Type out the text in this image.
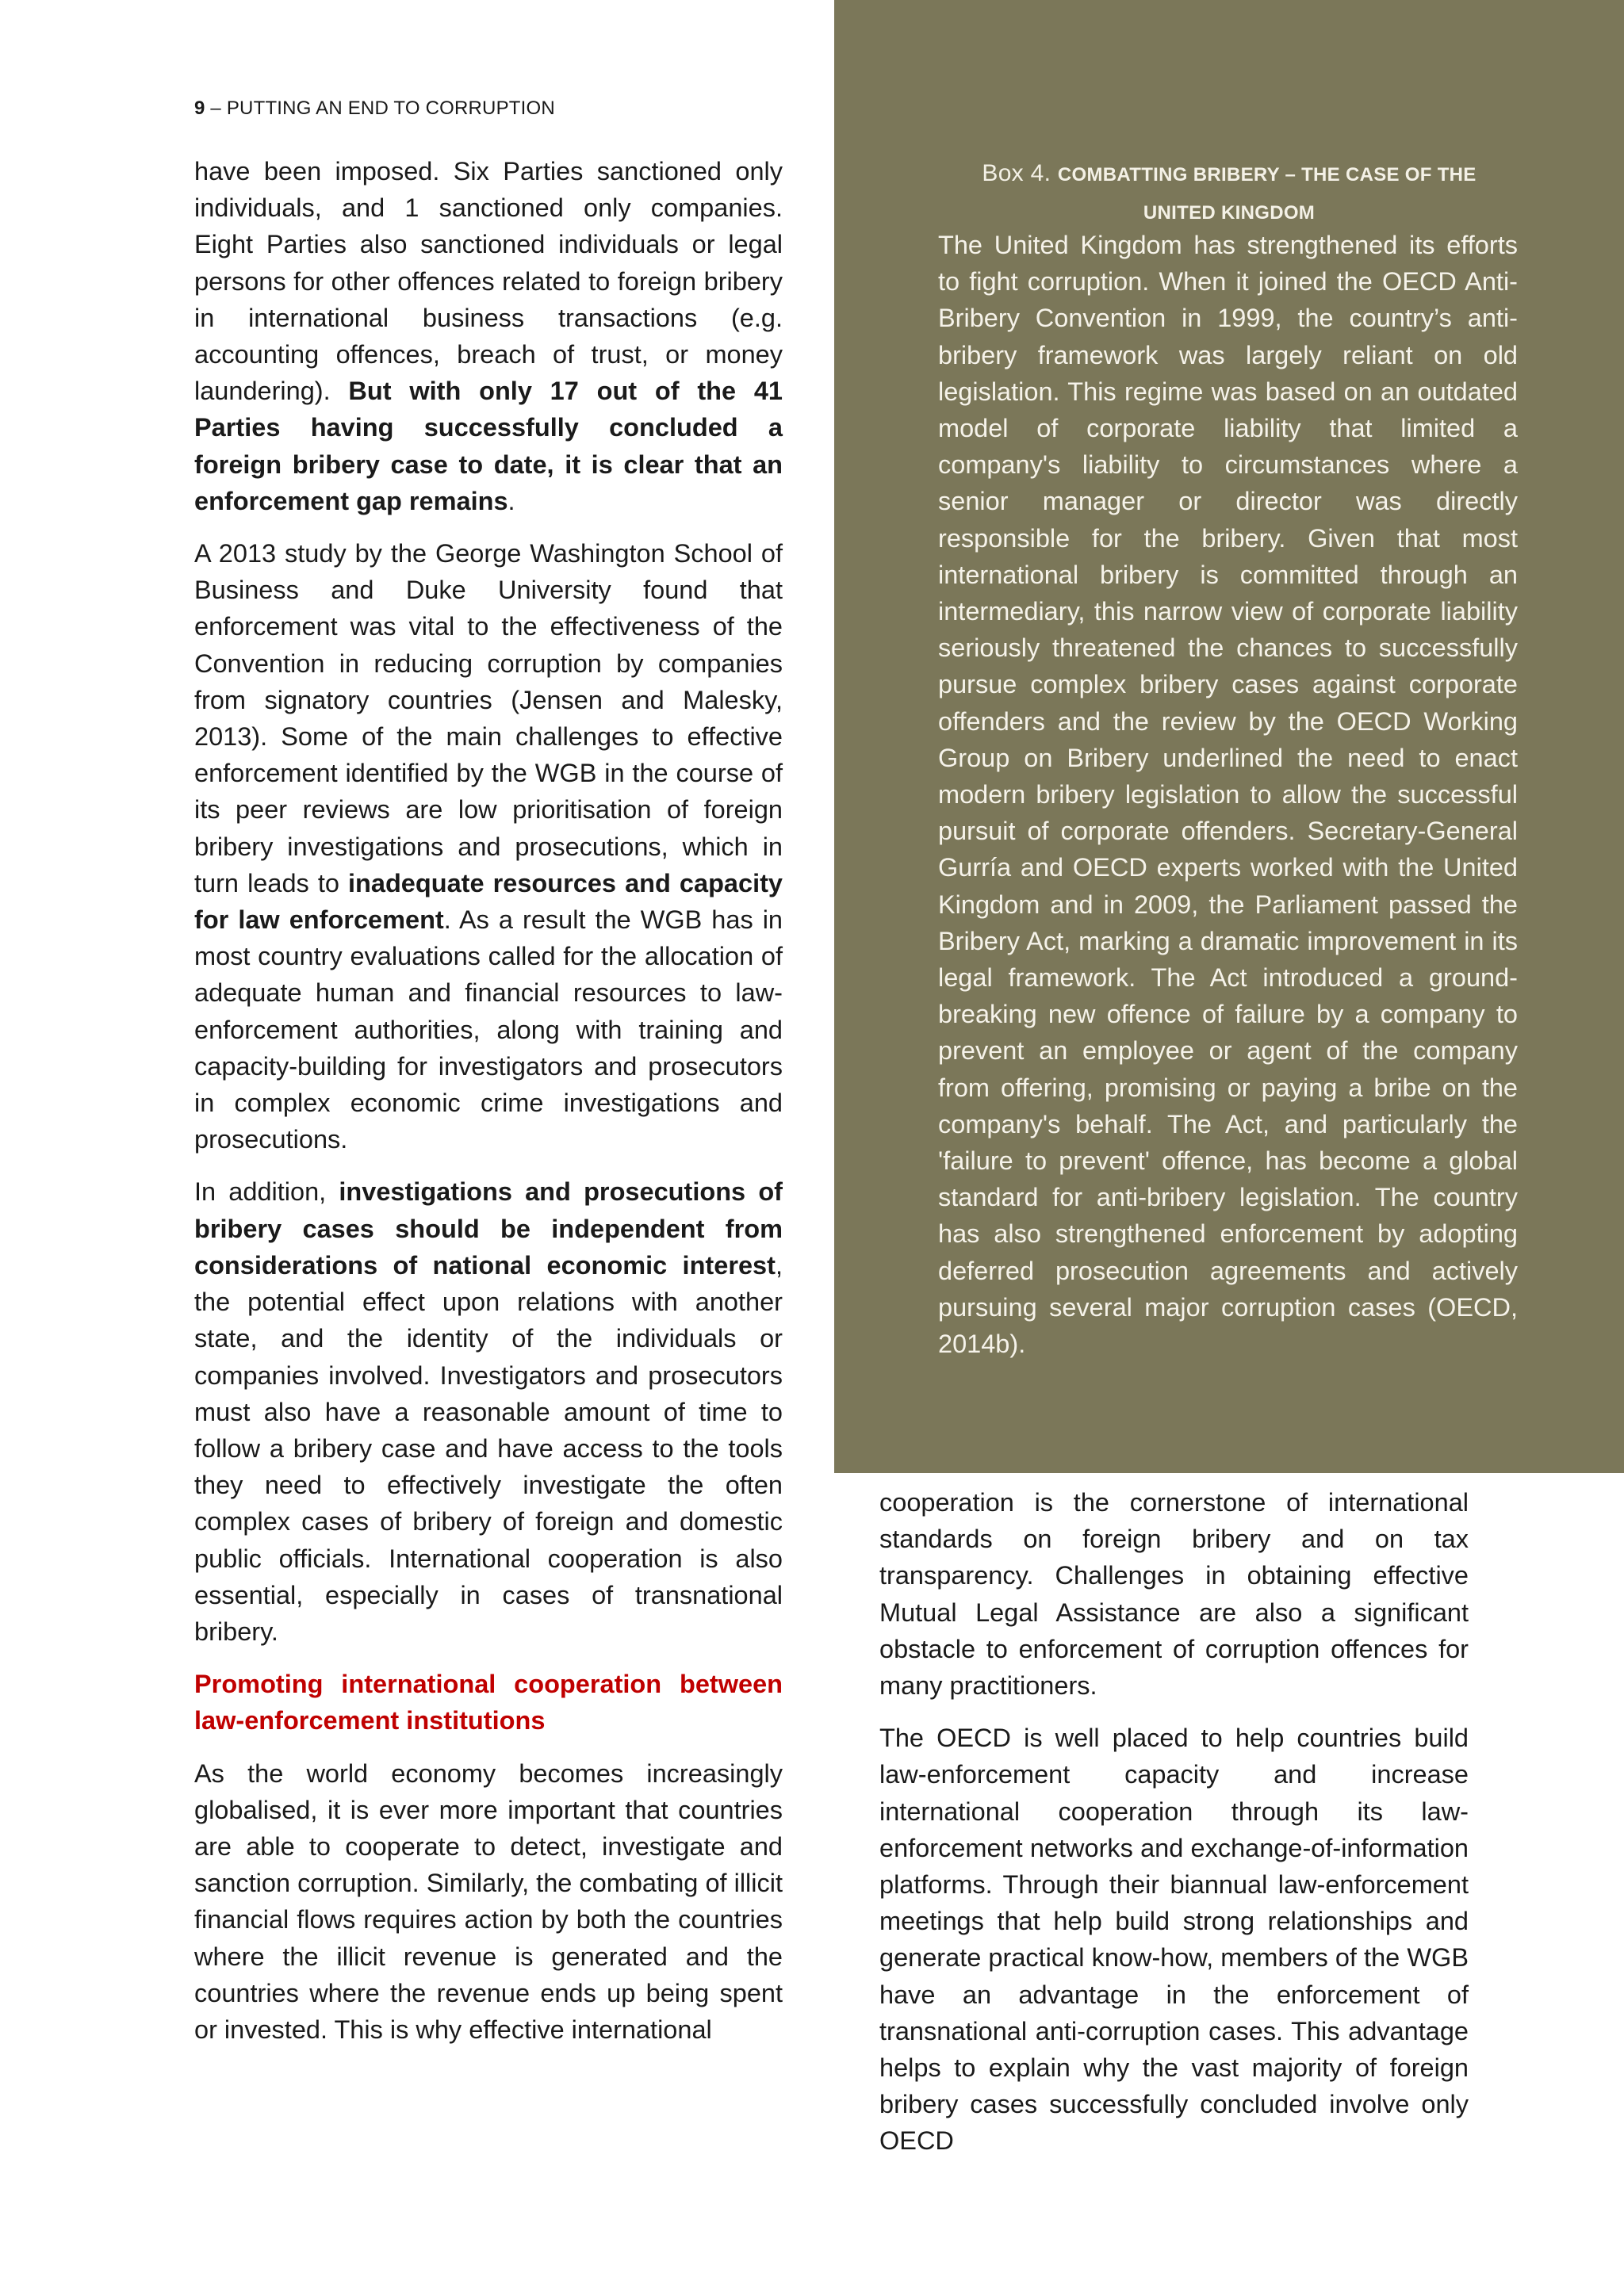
9 – PUTTING AN END TO CORRUPTION

have been imposed. Six Parties sanctioned only individuals, and 1 sanctioned only companies. Eight Parties also sanctioned individuals or legal persons for other offences related to foreign bribery in international business transactions (e.g. accounting offences, breach of trust, or money laundering). But with only 17 out of the 41 Parties having successfully concluded a foreign bribery case to date, it is clear that an enforcement gap remains.

A 2013 study by the George Washington School of Business and Duke University found that enforcement was vital to the effectiveness of the Convention in reducing corruption by companies from signatory countries (Jensen and Malesky, 2013). Some of the main challenges to effective enforcement identified by the WGB in the course of its peer reviews are low prioritisation of foreign bribery investigations and prosecutions, which in turn leads to inadequate resources and capacity for law enforcement. As a result the WGB has in most country evaluations called for the allocation of adequate human and financial resources to law-enforcement authorities, along with training and capacity-building for investigators and prosecutors in complex economic crime investigations and prosecutions.

In addition, investigations and prosecutions of bribery cases should be independent from considerations of national economic interest, the potential effect upon relations with another state, and the identity of the individuals or companies involved. Investigators and prosecutors must also have a reasonable amount of time to follow a bribery case and have access to the tools they need to effectively investigate the often complex cases of bribery of foreign and domestic public officials. International cooperation is also essential, especially in cases of transnational bribery.

Promoting international cooperation between law-enforcement institutions

As the world economy becomes increasingly globalised, it is ever more important that countries are able to cooperate to detect, investigate and sanction corruption. Similarly, the combating of illicit financial flows requires action by both the countries where the illicit revenue is generated and the countries where the revenue ends up being spent or invested. This is why effective international

Box 4. COMBATTING BRIBERY – THE CASE OF THE
UNITED KINGDOM
The United Kingdom has strengthened its efforts to fight corruption. When it joined the OECD Anti-Bribery Convention in 1999, the country’s anti-bribery framework was largely reliant on old legislation. This regime was based on an outdated model of corporate liability that limited a company's liability to circumstances where a senior manager or director was directly responsible for the bribery. Given that most international bribery is committed through an intermediary, this narrow view of corporate liability seriously threatened the chances to successfully pursue complex bribery cases against corporate offenders and the review by the OECD Working Group on Bribery underlined the need to enact modern bribery legislation to allow the successful pursuit of corporate offenders. Secretary-General Gurría and OECD experts worked with the United Kingdom and in 2009, the Parliament passed the Bribery Act, marking a dramatic improvement in its legal framework. The Act introduced a ground-breaking new offence of failure by a company to prevent an employee or agent of the company from offering, promising or paying a bribe on the company's behalf. The Act, and particularly the 'failure to prevent' offence, has become a global standard for anti-bribery legislation. The country has also strengthened enforcement by adopting deferred prosecution agreements and actively pursuing several major corruption cases (OECD, 2014b).

cooperation is the cornerstone of international standards on foreign bribery and on tax transparency. Challenges in obtaining effective Mutual Legal Assistance are also a significant obstacle to enforcement of corruption offences for many practitioners.

The OECD is well placed to help countries build law-enforcement capacity and increase international cooperation through its law-enforcement networks and exchange-of-information platforms. Through their biannual law-enforcement meetings that help build strong relationships and generate practical know-how, members of the WGB have an advantage in the enforcement of transnational anti-corruption cases. This advantage helps to explain why the vast majority of foreign bribery cases successfully concluded involve only OECD
